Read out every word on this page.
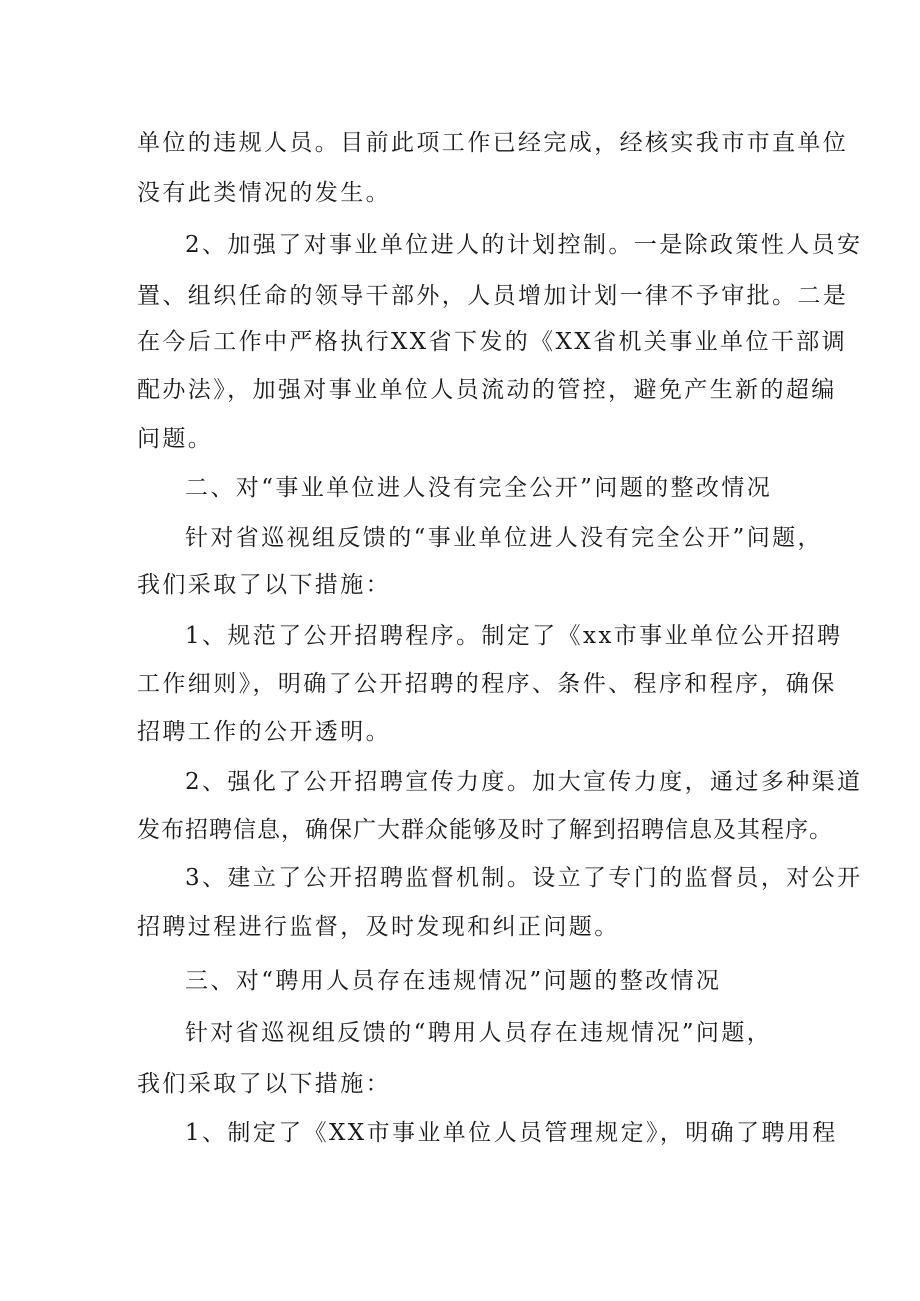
单位的违规人员。目前此项工作已经完成，经核实我市市直单位
没有此类情况的发生。
2、加强了对事业单位进人的计划控制。一是除政策性人员安
置、组织任命的领导干部外，人员增加计划一律不予审批。二是
在今后工作中严格执行XX省下发的《XX省机关事业单位干部调
配办法》，加强对事业单位人员流动的管控，避免产生新的超编
问题。
二、对“事业单位进人没有完全公开”问题的整改情况
针对省巡视组反馈的“事业单位进人没有完全公开”问题，
我们采取了以下措施：
1、规范了公开招聘程序。制定了《xx市事业单位公开招聘
工作细则》，明确了公开招聘的程序、条件、程序和程序，确保
招聘工作的公开透明。
2、强化了公开招聘宣传力度。加大宣传力度，通过多种渠道
发布招聘信息，确保广大群众能够及时了解到招聘信息及其程序。
3、建立了公开招聘监督机制。设立了专门的监督员，对公开
招聘过程进行监督，及时发现和纠正问题。
三、对“聘用人员存在违规情况”问题的整改情况
针对省巡视组反馈的“聘用人员存在违规情况”问题，
我们采取了以下措施：
1、制定了《XX市事业单位人员管理规定》，明确了聘用程
